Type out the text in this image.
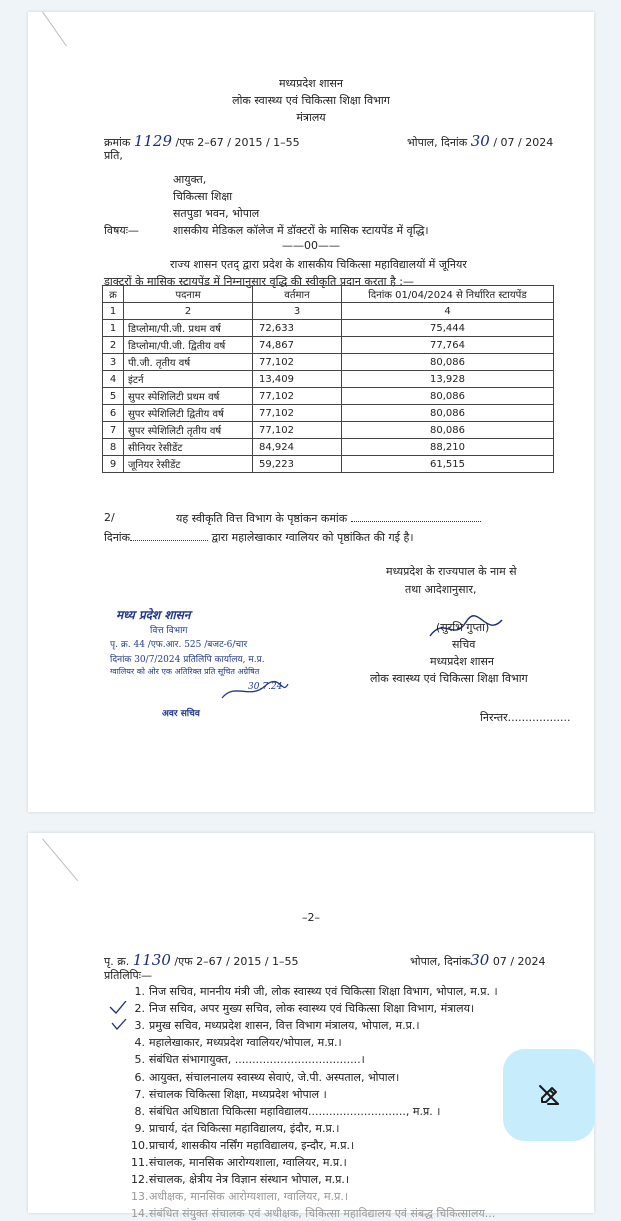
मध्यप्रदेश शासन
लोक स्वास्थ्य एवं चिकित्सा शिक्षा विभाग
मंत्रालय
क्रमांक 1129 /एफ 2–67 / 2015 / 1–55	भोपाल, दिनांक 30 / 07 / 2024
प्रति,
आयुक्त,
चिकित्सा शिक्षा
सतपुडा भवन, भोपाल
विषयः—	शासकीय मेडिकल कॉलेज में डॉक्टरों के मासिक स्टायपेंड में वृद्धि।
——00——
राज्य शासन एतद् द्वारा प्रदेश के शासकीय चिकित्सा महाविद्यालयों में जूनियर
डाक्टरों के मासिक स्टायपेंड में निम्नानुसार वृद्धि की स्वीकृति प्रदान करता है :—
क्र	पदनाम	वर्तमान	दिनांक 01/04/2024 से निर्धारित स्टायपेंड
1	2	3	4
1	डिप्लोमा/पी.जी. प्रथम वर्ष	72,633	75,444
2	डिप्लोमा/पी.जी. द्वितीय वर्ष	74,867	77,764
3	पी.जी. तृतीय वर्ष	77,102	80,086
4	इंटर्न	13,409	13,928
5	सुपर स्पेशिलिटी प्रथम वर्ष	77,102	80,086
6	सुपर स्पेशिलिटी द्वितीय वर्ष	77,102	80,086
7	सुपर स्पेशिलिटी तृतीय वर्ष	77,102	80,086
8	सीनियर रेसीडेंट	84,924	88,210
9	जूनियर रेसीडेंट	59,223	61,515
2/	यह स्वीकृति वित्त विभाग के पृष्ठांकन कमांक
दिनांक	द्वारा महालेखाकार ग्वालियर को पृष्ठांकित की गई है।
मध्यप्रदेश के राज्यपाल के नाम से
तथा आदेशानुसार,
मध्य प्रदेश शासन
वित्त विभाग
पृ. क्र. 44 /एफ.आर. 525 /बजट-6/चार
दिनांक 30/7/2024 प्रतिलिपि कार्यालय, म.प्र.
ग्वालियर को ओर एक अतिरिक्त प्रति सूचित अग्रेषित
30.7.24
अवर सचिव
(सुरभि गुप्ता)
सचिव
मध्यप्रदेश शासन
लोक स्वास्थ्य एवं चिकित्सा शिक्षा विभाग
निरन्तर..................
–2–
पृ. क्र. 1130 /एफ 2–67 / 2015 / 1–55	भोपाल, दिनांक30 07 / 2024
प्रतिलिपिः—
1. निज सचिव, माननीय मंत्री जी, लोक स्वास्थ्य एवं चिकित्सा शिक्षा विभाग, भोपाल, म.प्र. ।
2. निज सचिव, अपर मुख्य सचिव, लोक स्वास्थ्य एवं चिकित्सा शिक्षा विभाग, मंत्रालय।
3. प्रमुख सचिव, मध्यप्रदेश शासन, वित्त विभाग मंत्रालय, भोपाल, म.प्र.।
4. महालेखाकार, मध्यप्रदेश ग्वालियर/भोपाल, म.प्र.।
5. संबंधित संभागायुक्त, ....................................।
6. आयुक्त, संचालनालय स्वास्थ्य सेवाएं, जे.पी. अस्पताल, भोपाल।
7. संचालक चिकित्सा शिक्षा, मध्यप्रदेश भोपाल ।
8. संबंधित अधिष्ठाता चिकित्सा महाविद्यालय............................, म.प्र. ।
9. प्राचार्य, दंत चिकित्सा महाविद्यालय, इंदौर, म.प्र.।
10.प्राचार्य, शासकीय नर्सिंग महाविद्यालय, इन्दौर, म.प्र.।
11.संचालक, मानसिक आरोग्यशाला, ग्वालियर, म.प्र.।
12.संचालक, क्षेत्रीय नेत्र विज्ञान संस्थान भोपाल, म.प्र.।
13.अधीक्षक, मानसिक आरोग्यशाला, ग्वालियर, म.प्र.।
14.संबंधित संयुक्त संचालक एवं अधीक्षक, चिकित्सा महाविद्यालय एवं संबद्ध चिकित्सालय...
